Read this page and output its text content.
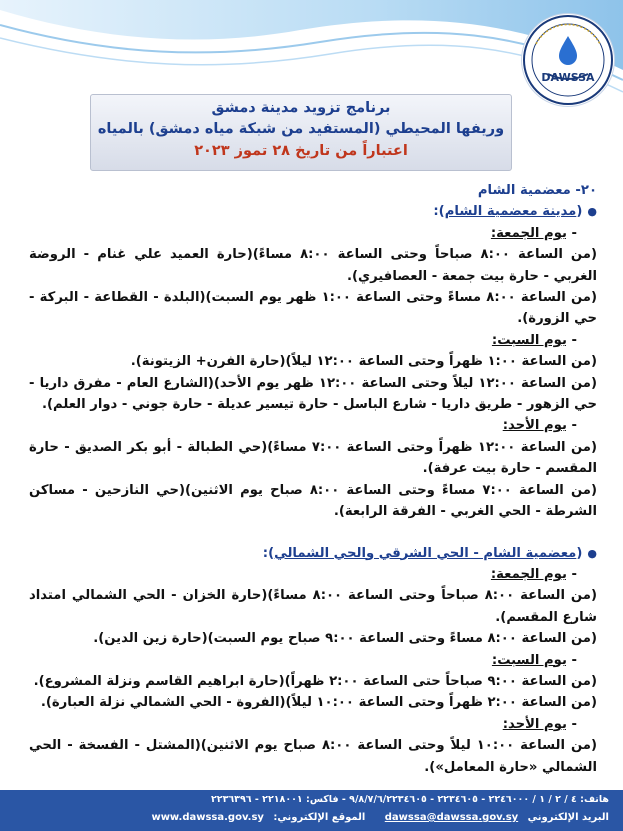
DAWSSA
برنامج تزويد مدينة دمشق
وريفها المحيطي (المستفيد من شبكة مياه دمشق) بالمياه
اعتباراً من تاريخ ٢٨ تموز ٢٠٢٣
٢٠- معضمية الشام
● (مدينة معضمية الشام):
- يوم الجمعة:
(من الساعة ٨:٠٠ صباحاً وحتى الساعة ٨:٠٠ مساءً)(حارة العميد علي غنام - الروضة الغربي - حارة بيت جمعة - العصافيري).
(من الساعة ٨:٠٠ مساءً وحتى الساعة ١:٠٠ ظهر يوم السبت)(البلدة - القطاعة - البركة - حي الزورة).
- يوم السبت:
(من الساعة ١:٠٠ ظهراً وحتى الساعة ١٢:٠٠ ليلاً)(حارة الفرن+ الزيتونة).
(من الساعة ١٢:٠٠ ليلاً وحتى الساعة ١٢:٠٠ ظهر يوم الأحد)(الشارع العام - مفرق داريا - حي الزهور - طريق داريا - شارع الباسل - حارة تيسير عديلة - حارة جوني - دوار العلم).
- يوم الأحد:
(من الساعة ١٢:٠٠ ظهراً وحتى الساعة ٧:٠٠ مساءً)(حي الطبالة - أبو بكر الصديق - حارة المقسم - حارة بيت عرفة).
(من الساعة ٧:٠٠ مساءً وحتى الساعة ٨:٠٠ صباح يوم الاثنين)(حي النازحين - مساكن الشرطة - الحي الغربي - الفرقة الرابعة).
● (معضمية الشام - الحي الشرقي والحي الشمالي):
- يوم الجمعة:
(من الساعة ٨:٠٠ صباحاً وحتى الساعة ٨:٠٠ مساءً)(حارة الخزان - الحي الشمالي امتداد شارع المقسم).
(من الساعة ٨:٠٠ مساءً وحتى الساعة ٩:٠٠ صباح يوم السبت)(حارة زين الدين).
- يوم السبت:
(من الساعة ٩:٠٠ صباحاً حتى الساعة ٢:٠٠ ظهراً)(حارة ابراهيم القاسم ونزلة المشروع).
(من الساعة ٢:٠٠ ظهراً وحتى الساعة ١٠:٠٠ ليلاً)(الفروة - الحي الشمالي نزلة العبارة).
- يوم الأحد:
(من الساعة ١٠:٠٠ ليلاً وحتى الساعة ٨:٠٠ صباح يوم الاثنين)(المشتل - الفسخة - الحي الشمالي «حارة المعامل»).
هاتف: ٤ / ٢ / ١ / ٢٢٤٦٠٠٠ - ٢٢٣٤٦٠٥ - ٩/٨/٧/٦/٢٢٣٤٦٠٥ - فاكس: ٢٢١٨٠٠١ - ٢٢٣٦٣٩٦
البريد الإلكتروني dawssa@dawssa.gov.sy الموقع الإلكتروني: www.dawssa.gov.sy
